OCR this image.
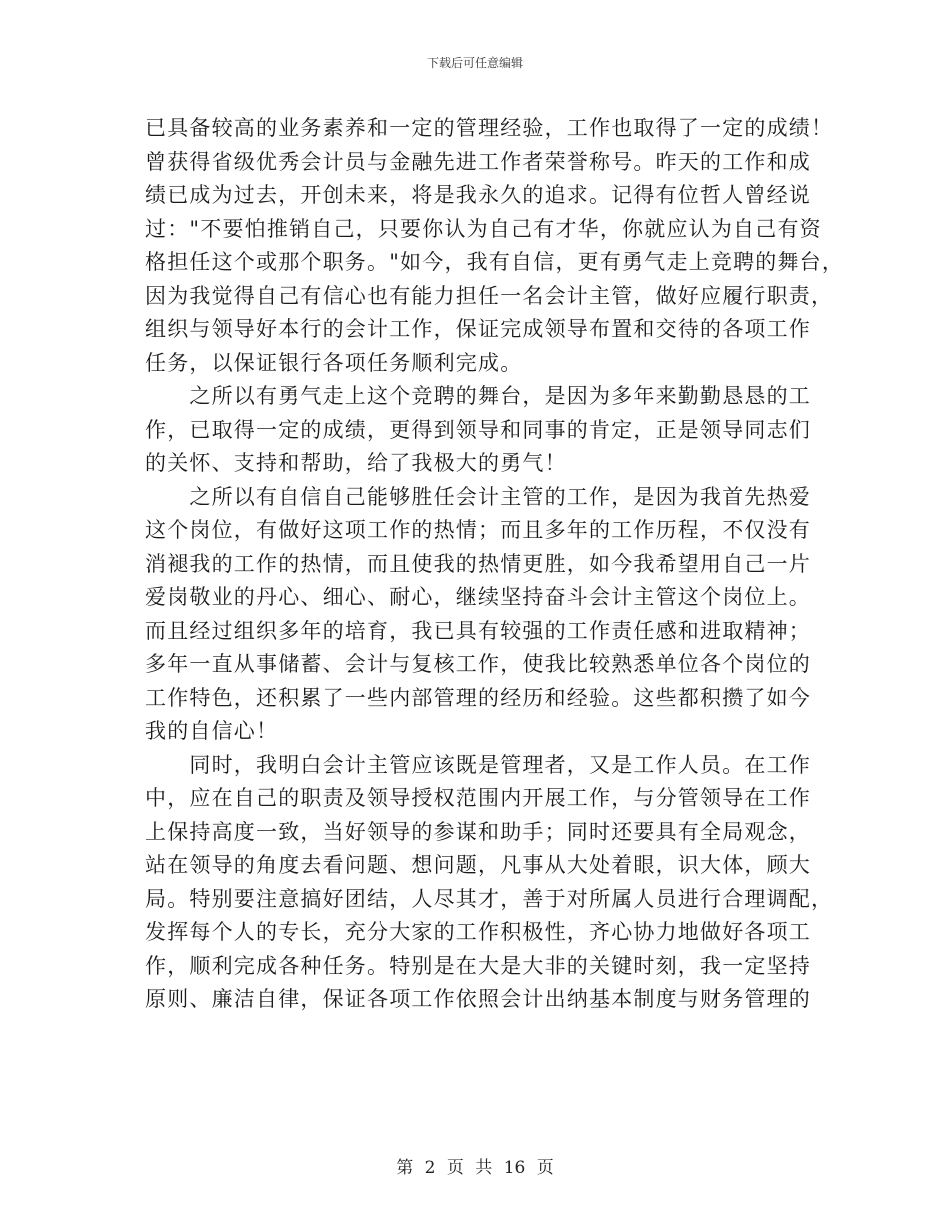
下载后可任意编辑
已具备较高的业务素养和一定的管理经验，工作也取得了一定的成绩！
曾获得省级优秀会计员与金融先进工作者荣誉称号。昨天的工作和成
绩已成为过去，开创未来，将是我永久的追求。记得有位哲人曾经说
过："不要怕推销自己，只要你认为自己有才华，你就应认为自己有资
格担任这个或那个职务。"如今，我有自信，更有勇气走上竞聘的舞台，
因为我觉得自己有信心也有能力担任一名会计主管，做好应履行职责，
组织与领导好本行的会计工作，保证完成领导布置和交待的各项工作
任务，以保证银行各项任务顺利完成。
　　之所以有勇气走上这个竞聘的舞台，是因为多年来勤勤恳恳的工
作，已取得一定的成绩，更得到领导和同事的肯定，正是领导同志们
的关怀、支持和帮助，给了我极大的勇气！
　　之所以有自信自己能够胜任会计主管的工作，是因为我首先热爱
这个岗位，有做好这项工作的热情；而且多年的工作历程，不仅没有
消褪我的工作的热情，而且使我的热情更胜，如今我希望用自己一片
爱岗敬业的丹心、细心、耐心，继续坚持奋斗会计主管这个岗位上。
而且经过组织多年的培育，我已具有较强的工作责任感和进取精神；
多年一直从事储蓄、会计与复核工作，使我比较熟悉单位各个岗位的
工作特色，还积累了一些内部管理的经历和经验。这些都积攒了如今
我的自信心！
　　同时，我明白会计主管应该既是管理者，又是工作人员。在工作
中，应在自己的职责及领导授权范围内开展工作，与分管领导在工作
上保持高度一致，当好领导的参谋和助手；同时还要具有全局观念，
站在领导的角度去看问题、想问题，凡事从大处着眼，识大体，顾大
局。特别要注意搞好团结，人尽其才，善于对所属人员进行合理调配，
发挥每个人的专长，充分大家的工作积极性，齐心协力地做好各项工
作，顺利完成各种任务。特别是在大是大非的关键时刻，我一定坚持
原则、廉洁自律，保证各项工作依照会计出纳基本制度与财务管理的
第 2 页 共 16 页
